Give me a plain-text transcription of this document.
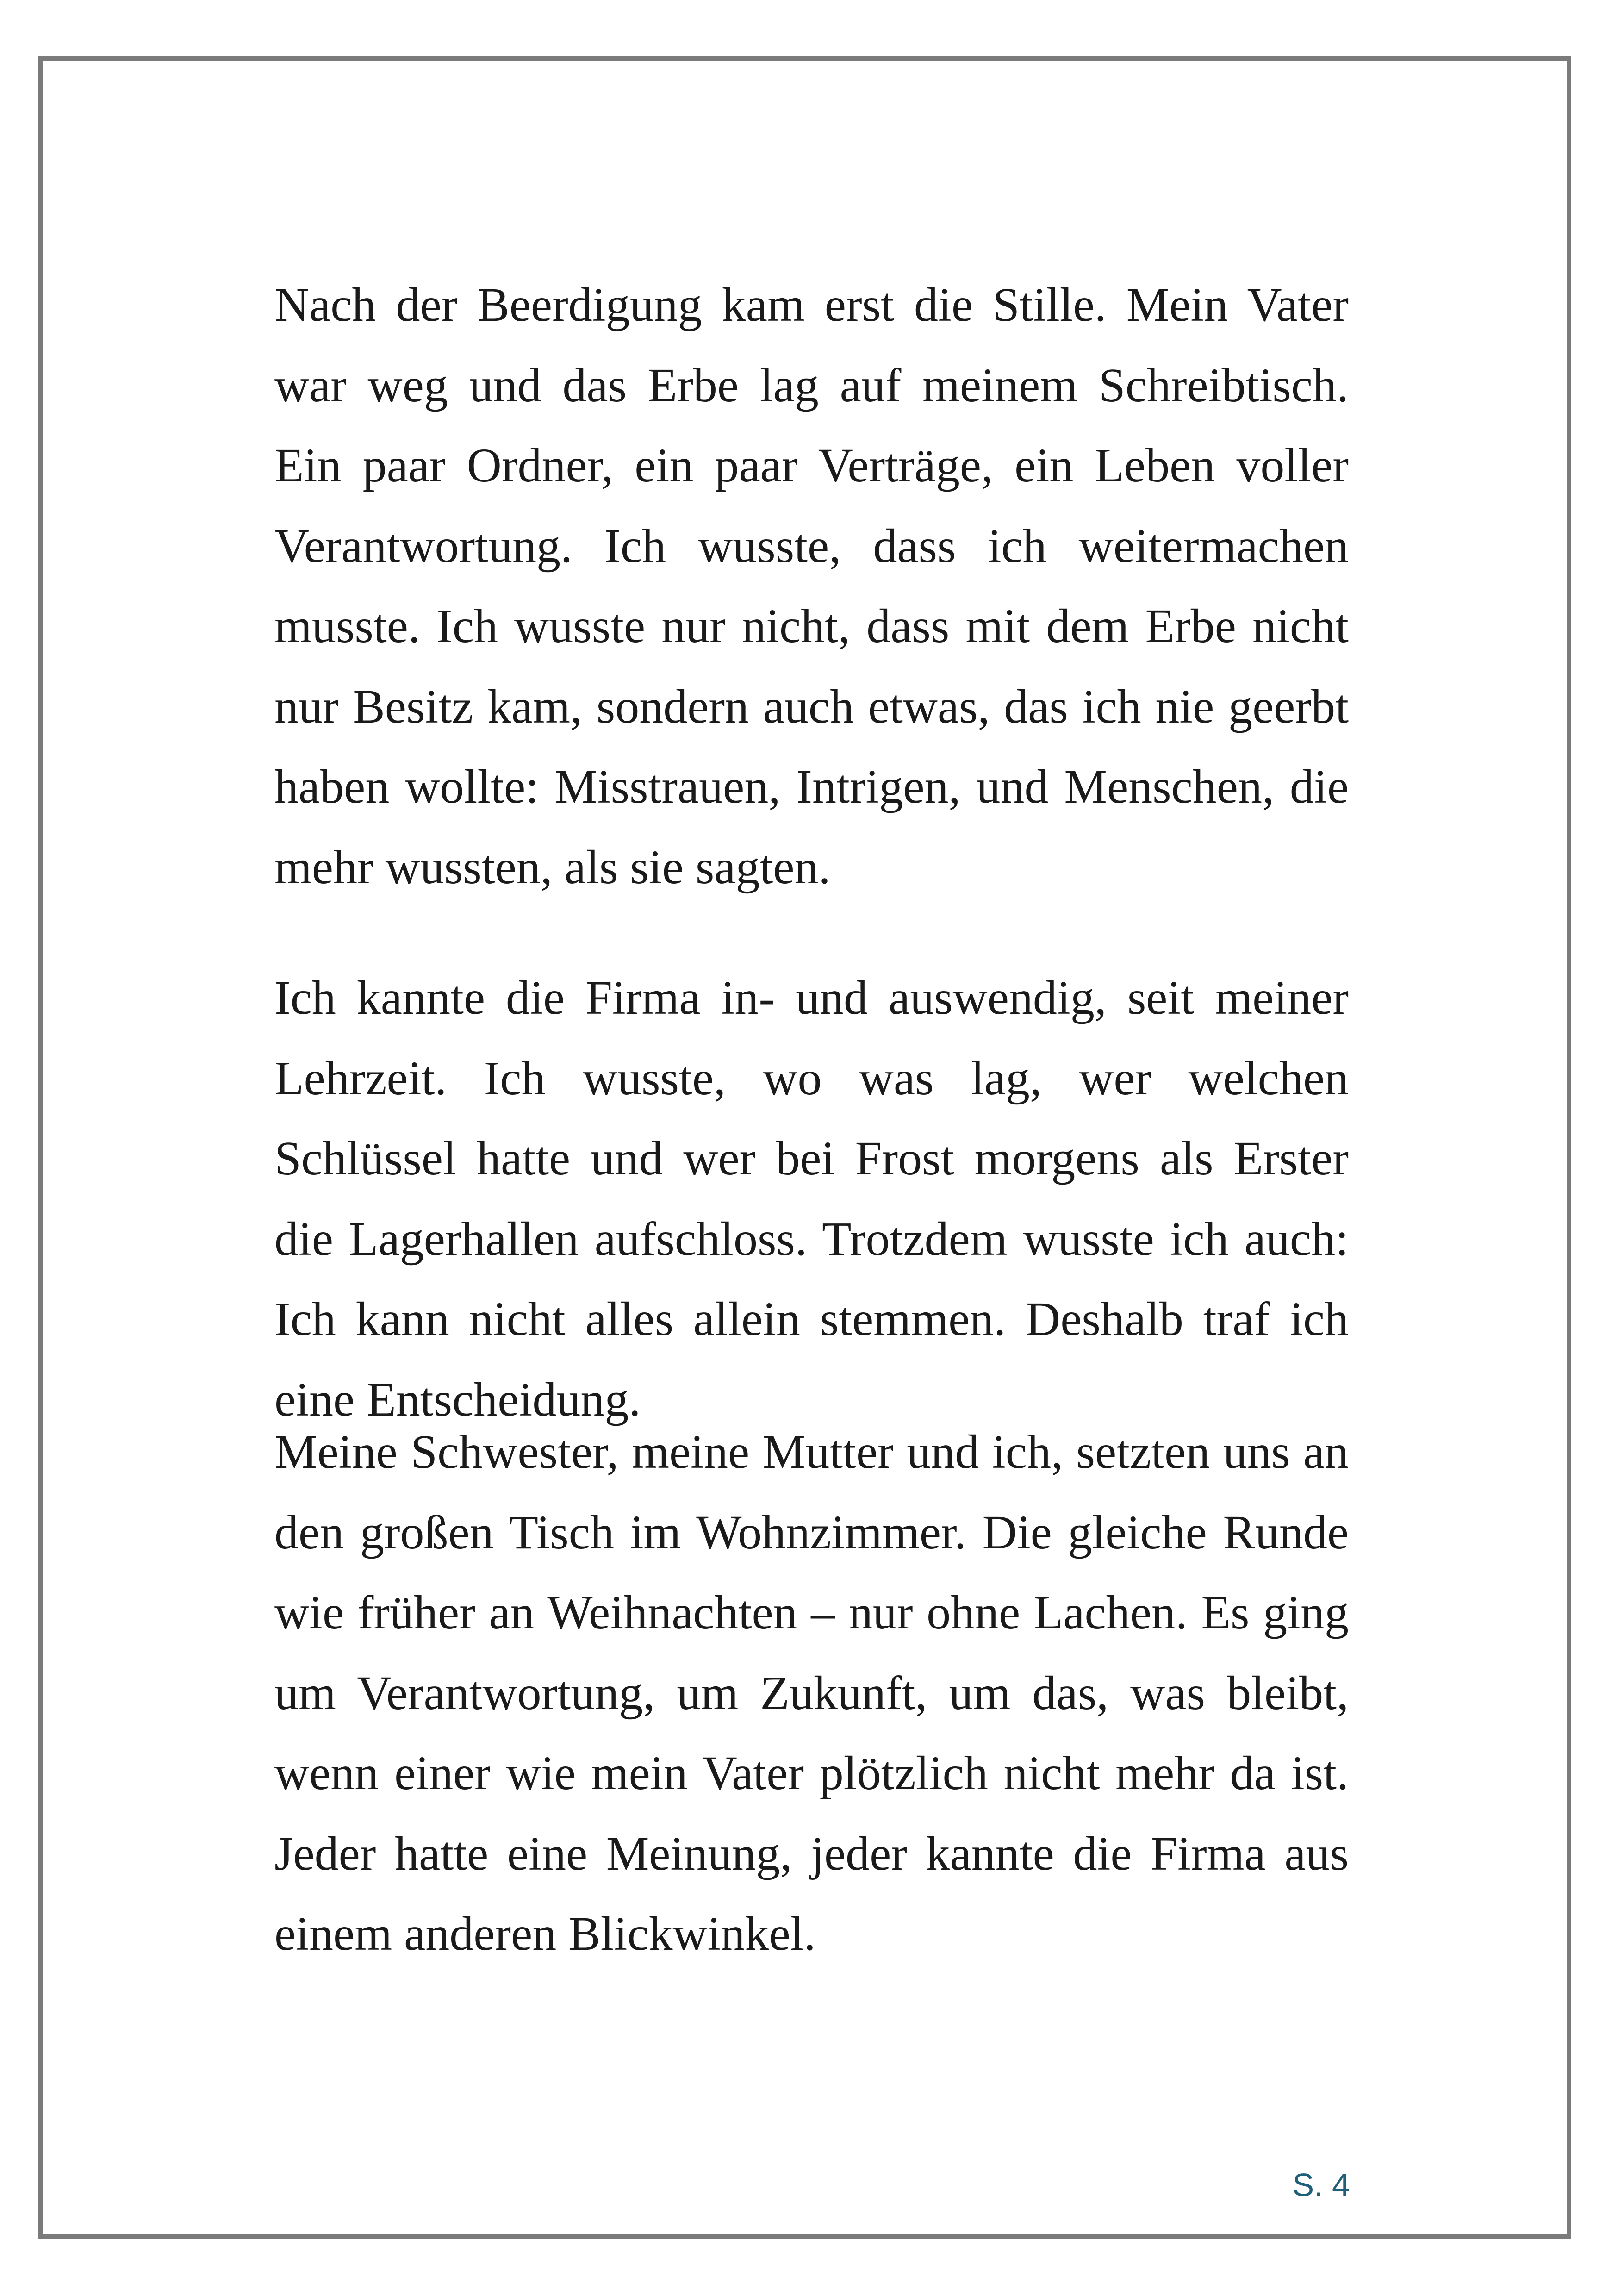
Nach der Beerdigung kam erst die Stille. Mein Vater war weg und das Erbe lag auf meinem Schreibtisch. Ein paar Ordner, ein paar Verträge, ein Leben voller Verantwortung. Ich wusste, dass ich weitermachen musste. Ich wusste nur nicht, dass mit dem Erbe nicht nur Besitz kam, sondern auch etwas, das ich nie geerbt haben wollte: Misstrauen, Intrigen, und Menschen, die mehr wussten, als sie sagten.

Ich kannte die Firma in- und auswendig, seit meiner Lehrzeit. Ich wusste, wo was lag, wer welchen Schlüssel hatte und wer bei Frost morgens als Erster die Lagerhallen aufschloss. Trotzdem wusste ich auch: Ich kann nicht alles allein stemmen. Deshalb traf ich eine Entscheidung.

Meine Schwester, meine Mutter und ich, setzten uns an den großen Tisch im Wohnzimmer. Die gleiche Runde wie früher an Weihnachten – nur ohne Lachen. Es ging um Verantwortung, um Zukunft, um das, was bleibt, wenn einer wie mein Vater plötzlich nicht mehr da ist. Jeder hatte eine Meinung, jeder kannte die Firma aus einem anderen Blickwinkel.

S. 4
